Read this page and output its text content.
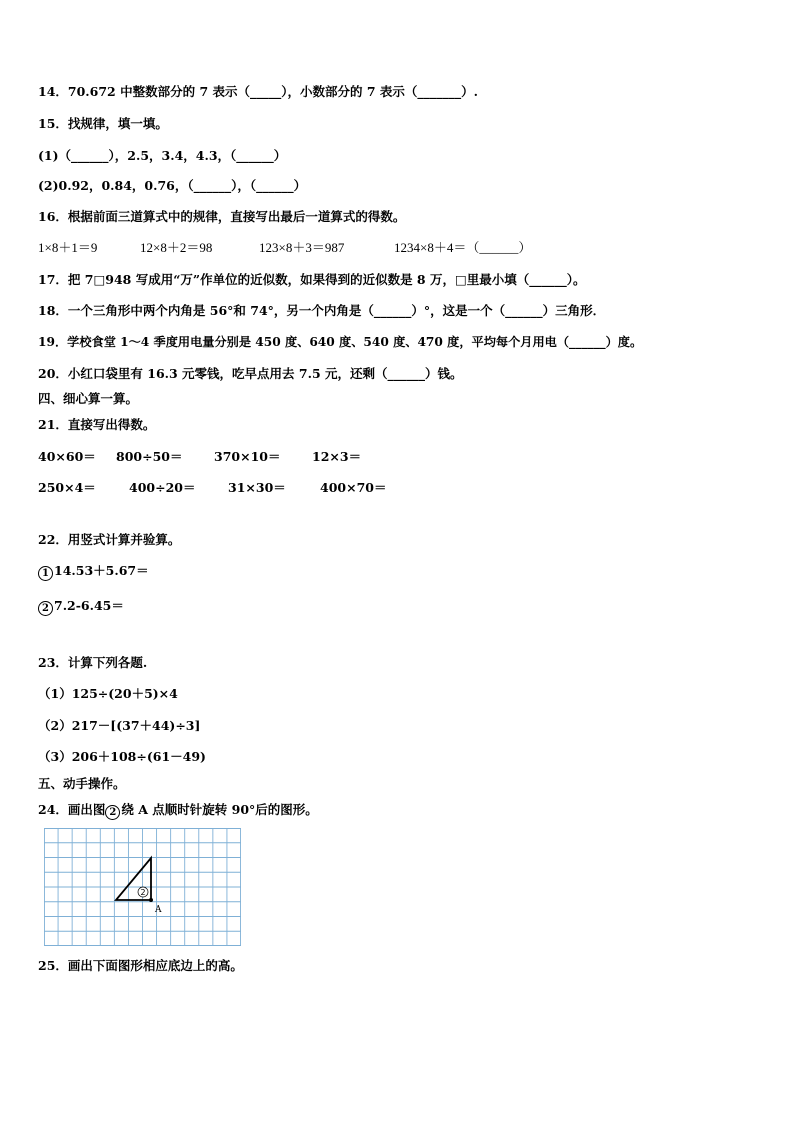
14．70.672 中整数部分的 7 表示（_____），小数部分的 7 表示（_______）.
15．找规律，填一填。
(1)（______），2.5，3.4，4.3，（______）
(2)0.92，0.84，0.76，（______），（______）
16．根据前面三道算式中的规律，直接写出最后一道算式的得数。
1×8＋1＝9	12×8＋2＝98	123×8＋3＝987	1234×8＋4＝（______）
17．把 7□948 写成用“万”作单位的近似数，如果得到的近似数是 8 万，□里最小填（______）。
18．一个三角形中两个内角是 56°和 74°，另一个内角是（______）°，这是一个（______）三角形．
19．学校食堂 1～4 季度用电量分别是 450 度、640 度、540 度、470 度，平均每个月用电（______）度。
20．小红口袋里有 16.3 元零钱，吃早点用去 7.5 元，还剩（______）钱。
四、细心算一算。
21．直接写出得数。
40×60＝ 800÷50＝	370×10＝	12×3＝
250×4＝	400÷20＝	31×30＝	400×70＝
22．用竖式计算并验算。
1 14.53＋5.67＝
2 7.2-6.45＝
23．计算下列各题.
（1）125÷(20＋5)×4
（2）217－[(37＋44)÷3]
（3）206＋108÷(61－49)
五、动手操作。
24．画出图 2 绕 A 点顺时针旋转 90°后的图形。
2
A
25．画出下面图形相应底边上的高。
